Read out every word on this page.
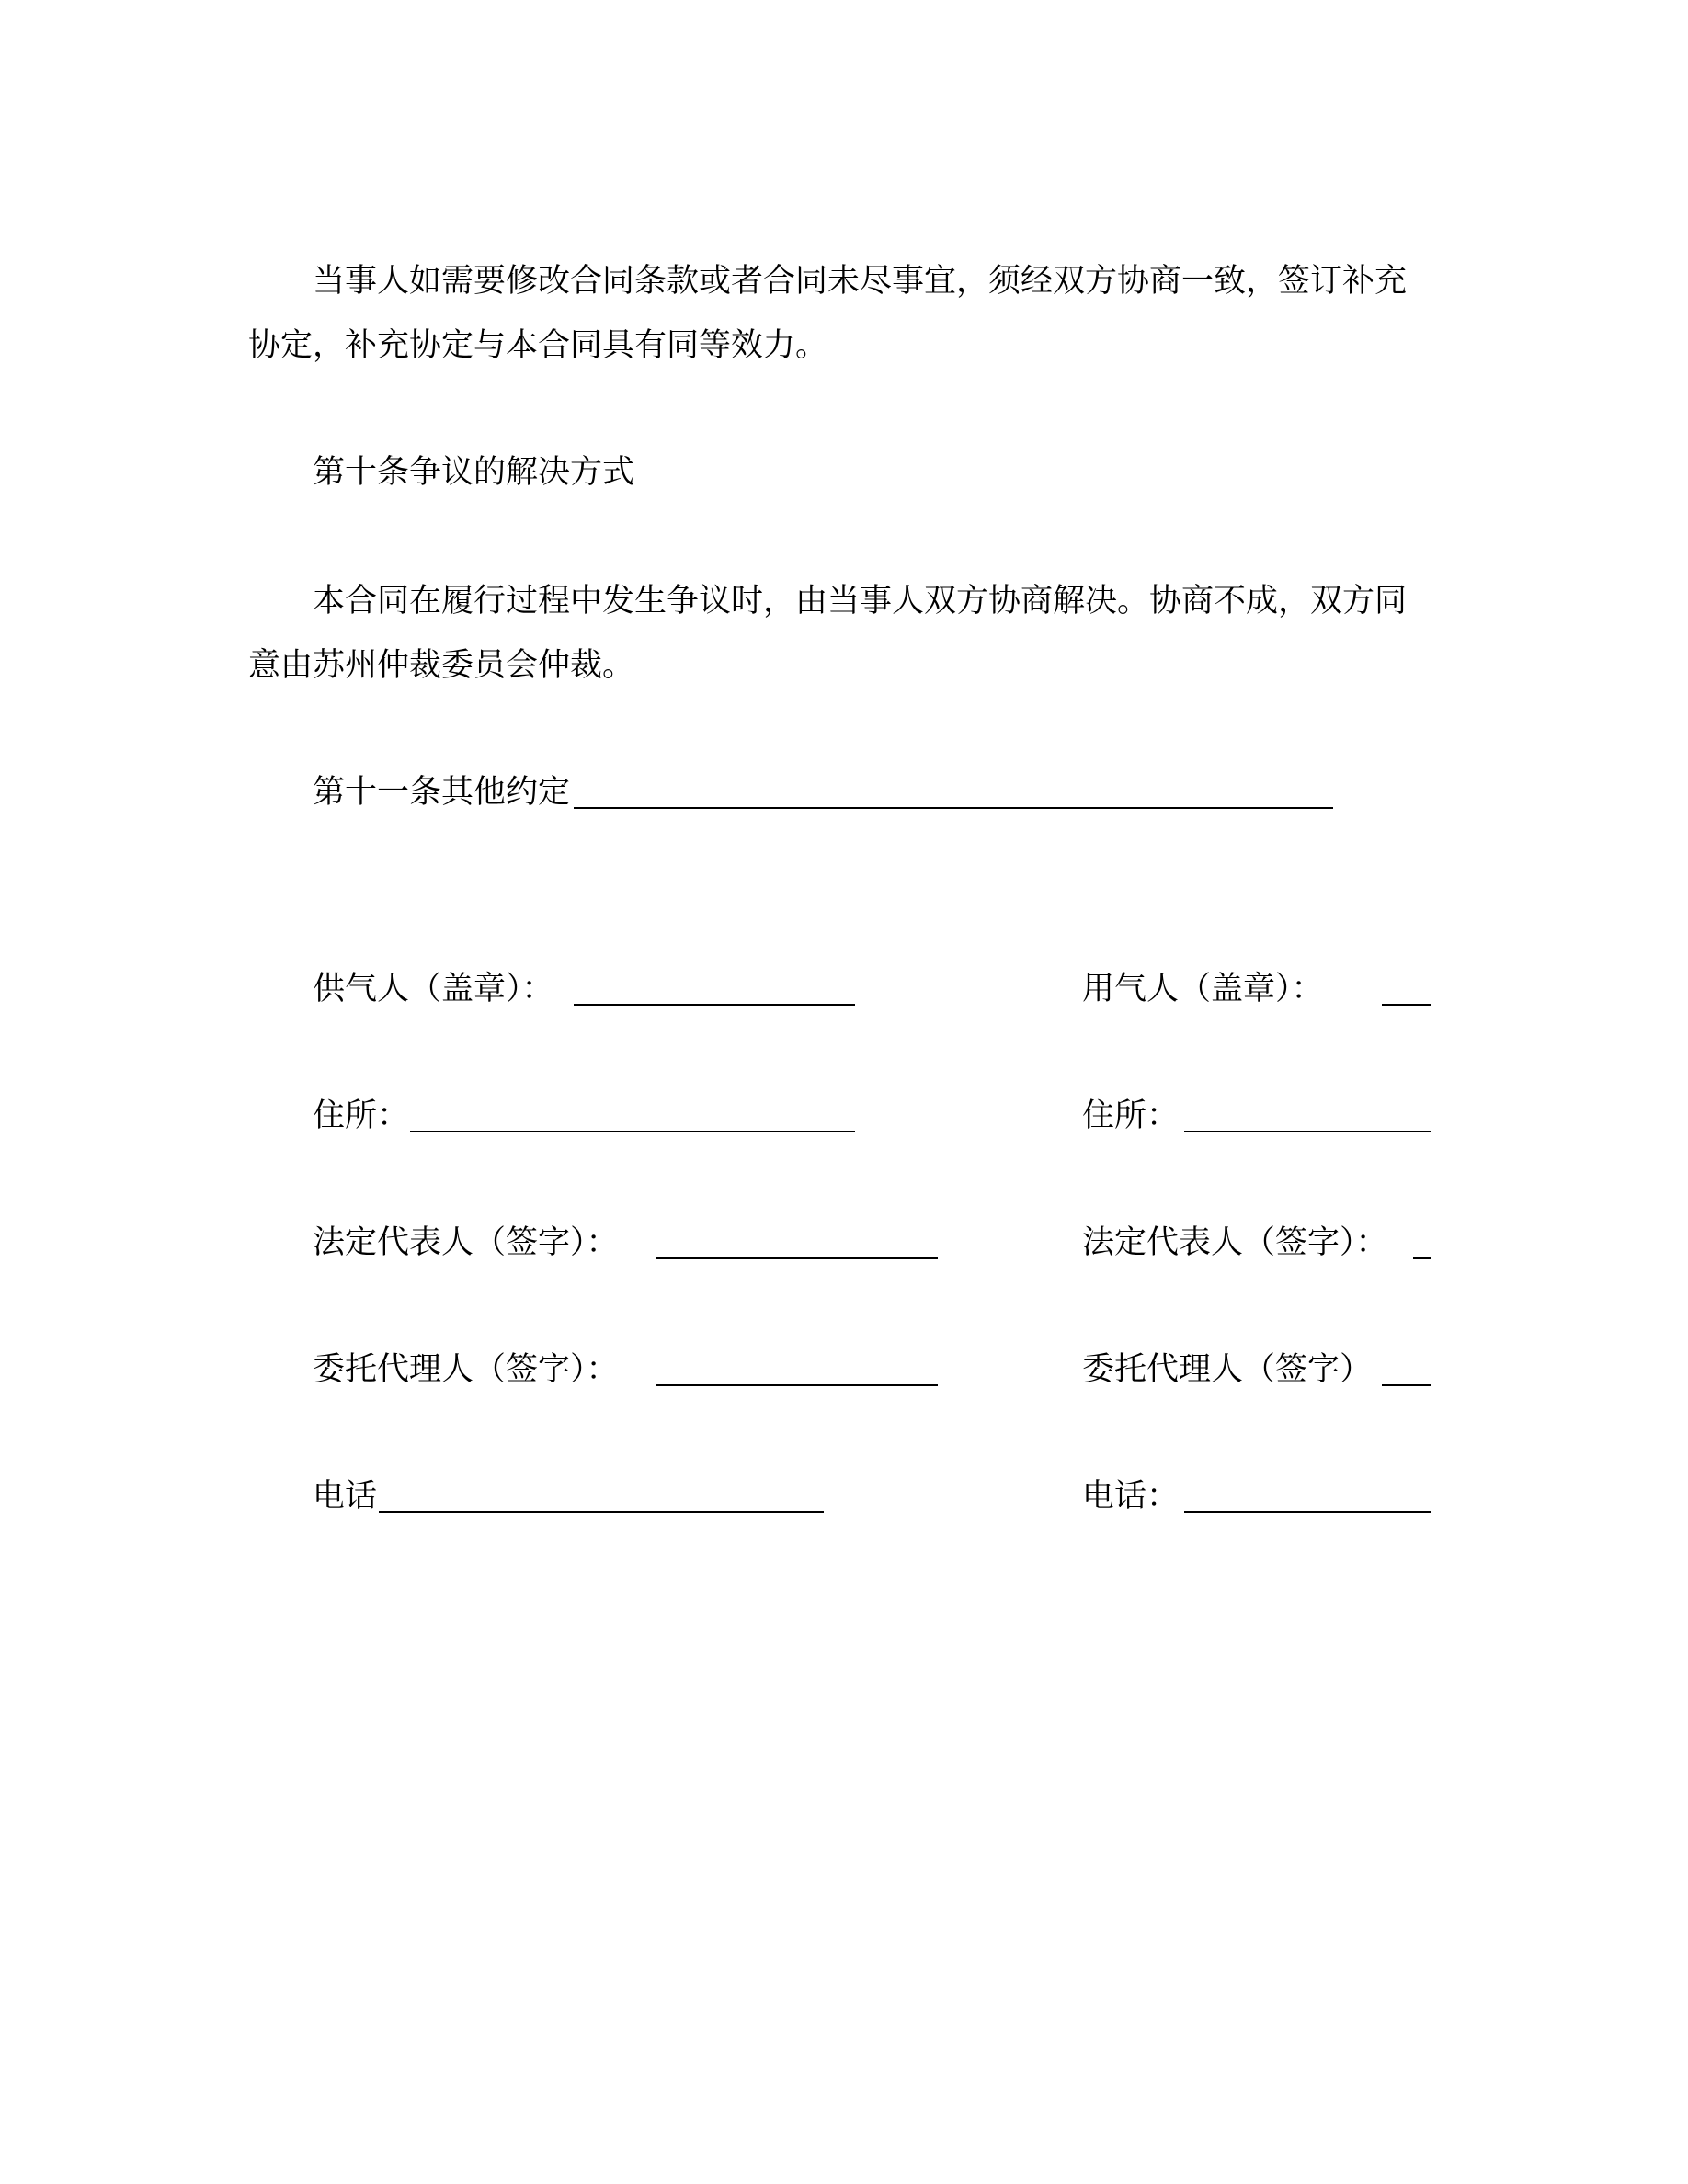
当事人如需要修改合同条款或者合同未尽事宜，须经双方协商一致，签订补充
协定，补充协定与本合同具有同等效力。
第十条争议的解决方式
本合同在履行过程中发生争议时，由当事人双方协商解决。协商不成，双方同
意由苏州仲裁委员会仲裁。
第十一条其他约定
供气人（盖章）：
住所：
法定代表人（签字）：
委托代理人（签字）：
电话
用气人（盖章）：
住所：
法定代表人（签字）：
委托代理人（签字）
电话：
